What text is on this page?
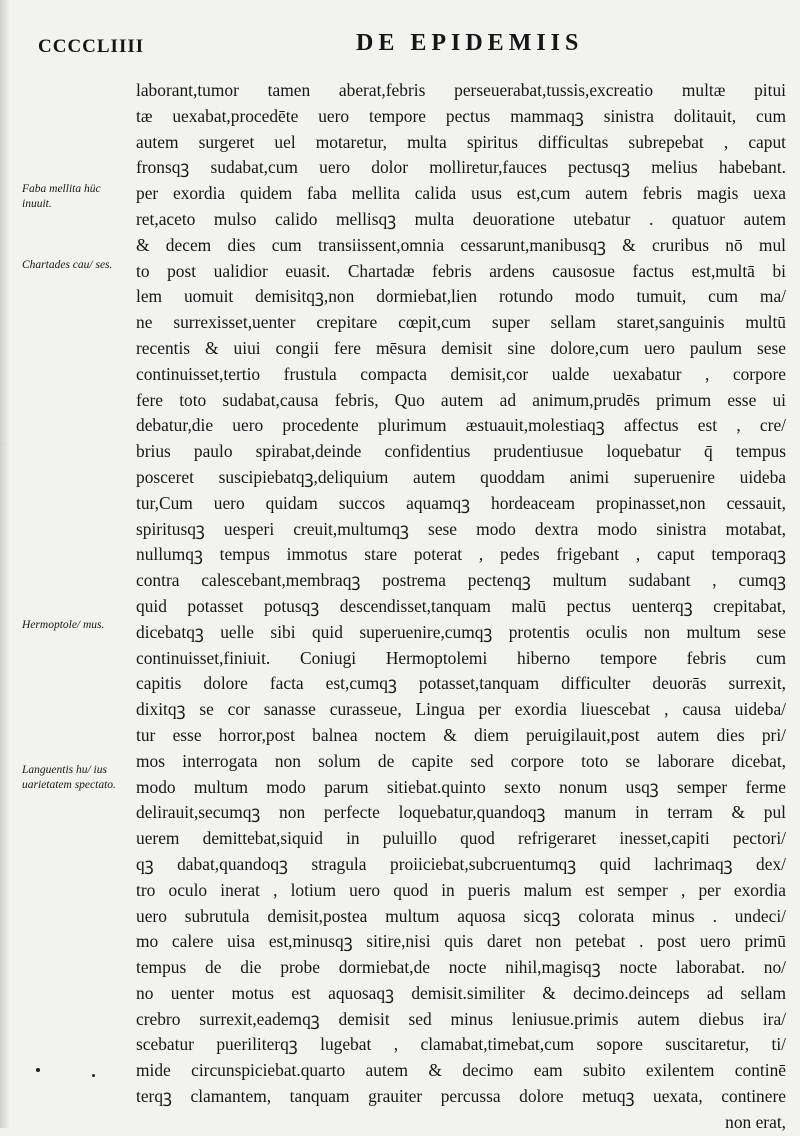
CCCCLIIII	DE EPIDEMIIS
Faba mellita hüc inuuit.
Chartades cau/ ses.
Hermoptole/ mus.
Languentis hu/ ius uarietatem spectato.
·
laborant,tumor tamen aberat,febris perseuerabat,tussis,excreatio multæ pitui
tæ uexabat,procedēte uero tempore pectus mammaqꝫ sinistra dolitauit, cum
autem surgeret uel motaretur, multa spiritus difficultas subrepebat , caput
fronsqꝫ sudabat,cum uero dolor molliretur,fauces pectusqꝫ melius habebant.
per exordia quidem faba mellita calida usus est,cum autem febris magis uexa
ret,aceto mulso calido mellisqꝫ multa deuoratione utebatur . quatuor autem
& decem dies cum transiissent,omnia cessarunt,manibusqꝫ & cruribus nō mul
to post ualidior euasit. Chartadæ febris ardens causosue factus est,multā bi
lem uomuit demisitqꝫ,non dormiebat,lien rotundo modo tumuit, cum ma/
ne surrexisset,uenter crepitare cœpit,cum super sellam staret,sanguinis multū
recentis & uiui congii fere mēsura demisit sine dolore,cum uero paulum sese
continuisset,tertio frustula compacta demisit,cor ualde uexabatur , corpore
fere toto sudabat,causa febris, Quo autem ad animum,prudēs primum esse ui
debatur,die uero procedente plurimum æstuauit,molestiaqꝫ affectus est , cre/
brius paulo spirabat,deinde confidentius prudentiusue loquebatur q̄ tempus
posceret suscipiebatqꝫ,deliquium autem quoddam animi superuenire uideba
tur,Cum uero quidam succos aquamqꝫ hordeaceam propinasset,non cessauit,
spiritusqꝫ uesperi creuit,multumqꝫ sese modo dextra modo sinistra motabat,
nullumqꝫ tempus immotus stare poterat , pedes frigebant , caput temporaqꝫ
contra calescebant,membraqꝫ postrema pectenqꝫ multum sudabant , cumqꝫ
quid potasset potusqꝫ descendisset,tanquam malū pectus uenterqꝫ crepitabat,
dicebatqꝫ uelle sibi quid superuenire,cumqꝫ protentis oculis non multum sese
continuisset,finiuit. Coniugi Hermoptolemi hiberno tempore febris cum
capitis dolore facta est,cumqꝫ potasset,tanquam difficulter deuorās surrexit,
dixitqꝫ se cor sanasse curasseue, Lingua per exordia liuescebat , causa uideba/
tur esse horror,post balnea noctem & diem peruigilauit,post autem dies pri/
mos interrogata non solum de capite sed corpore toto se laborare dicebat,
modo multum modo parum sitiebat.quinto sexto nonum usqꝫ semper ferme
delirauit,secumqꝫ non perfecte loquebatur,quandoqꝫ manum in terram & pul
uerem demittebat,siquid in puluillo quod refrigeraret inesset,capiti pectori/
qꝫ dabat,quandoqꝫ stragula proiiciebat,subcruentumqꝫ quid lachrimaqꝫ dex/
tro oculo inerat , lotium uero quod in pueris malum est semper , per exordia
uero subrutula demisit,postea multum aquosa sicqꝫ colorata minus . undeci/
mo calere uisa est,minusqꝫ sitire,nisi quis daret non petebat . post uero primū
tempus de die probe dormiebat,de nocte nihil,magisqꝫ nocte laborabat. no/
no uenter motus est aquosaqꝫ demisit.similiter & decimo.deinceps ad sellam
crebro surrexit,eademqꝫ demisit sed minus leniusue.primis autem diebus ira/
scebatur pueriliterqꝫ lugebat , clamabat,timebat,cum sopore suscitaretur, ti/
mide circunspiciebat.quarto autem & decimo eam subito exilentem continē
terqꝫ clamantem, tanquam grauiter percussa dolore metuqꝫ uexata, continere
non erat,
